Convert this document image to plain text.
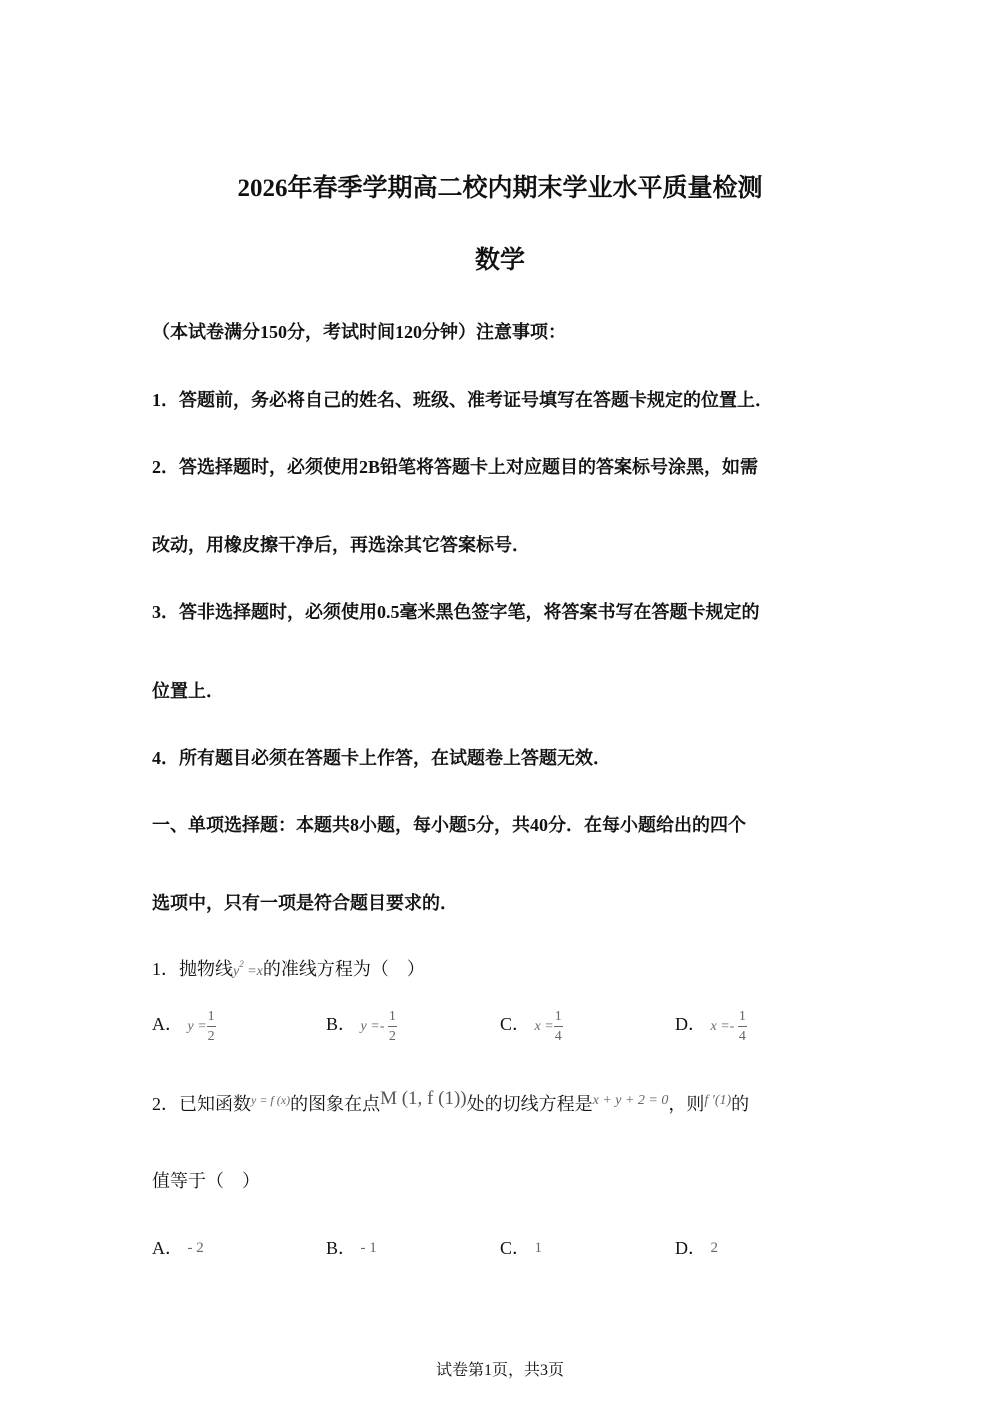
2026年春季学期高二校内期末学业水平质量检测
数学
（本试卷满分150分，考试时间120分钟）注意事项：
1．答题前，务必将自己的姓名、班级、准考证号填写在答题卡规定的位置上．
2．答选择题时，必须使用2B铅笔将答题卡上对应题目的答案标号涂黑，如需
改动，用橡皮擦干净后，再选涂其它答案标号．
3．答非选择题时，必须使用0.5毫米黑色签字笔，将答案书写在答题卡规定的
位置上．
4．所有题目必须在答题卡上作答，在试题卷上答题无效．
一、单项选择题：本题共8小题，每小题5分，共40分．在每小题给出的四个
选项中，只有一项是符合题目要求的．
1．抛物线$y^2 =x$的准线方程为（　）
A． $y = \frac{1}{2}$	B． $y =- \frac{1}{2}$	C． $x = \frac{1}{4}$	D． $x =- \frac{1}{4}$
2．已知函数$^{y = f (x)}$的图象在点M (1, f (1))处的切线方程是$^{x + y + 2 = 0}$，则$^{f '(1)}$的
值等于（　）
A． - 2	B． - 1	C． 1	D． 2
试卷第1页，共3页
